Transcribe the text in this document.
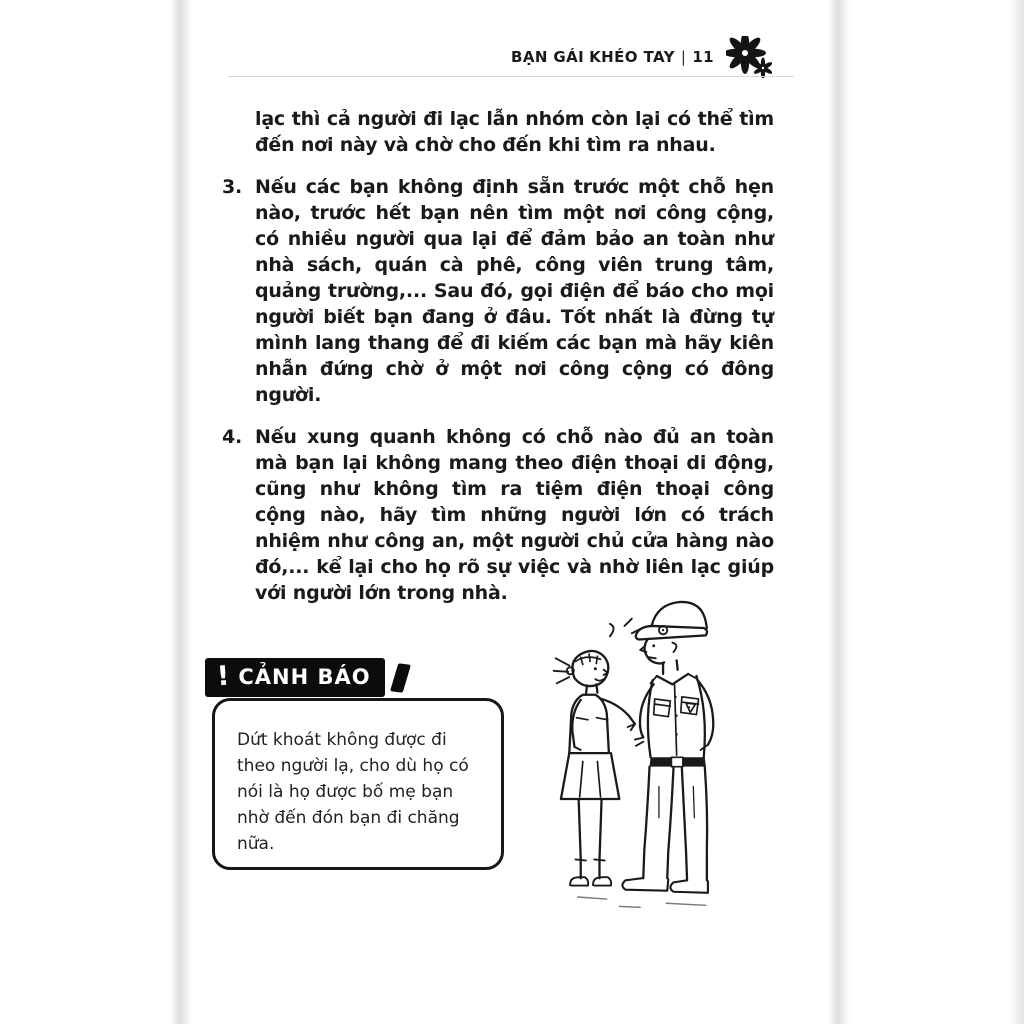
BẠN GÁI KHÉO TAY | 11

lạc thì cả người đi lạc lẫn nhóm còn lại có thể tìm đến nơi này và chờ cho đến khi tìm ra nhau.

3. Nếu các bạn không định sẵn trước một chỗ hẹn nào, trước hết bạn nên tìm một nơi công cộng, có nhiều người qua lại để đảm bảo an toàn như nhà sách, quán cà phê, công viên trung tâm, quảng trường,... Sau đó, gọi điện để báo cho mọi người biết bạn đang ở đâu. Tốt nhất là đừng tự mình lang thang để đi kiếm các bạn mà hãy kiên nhẫn đứng chờ ở một nơi công cộng có đông người.
4. Nếu xung quanh không có chỗ nào đủ an toàn mà bạn lại không mang theo điện thoại di động, cũng như không tìm ra tiệm điện thoại công cộng nào, hãy tìm những người lớn có trách nhiệm như công an, một người chủ cửa hàng nào đó,... kể lại cho họ rõ sự việc và nhờ liên lạc giúp với người lớn trong nhà.
! CẢNH BÁO
Dứt khoát không được đi theo người lạ, cho dù họ có nói là họ được bố mẹ bạn nhờ đến đón bạn đi chăng nữa.
